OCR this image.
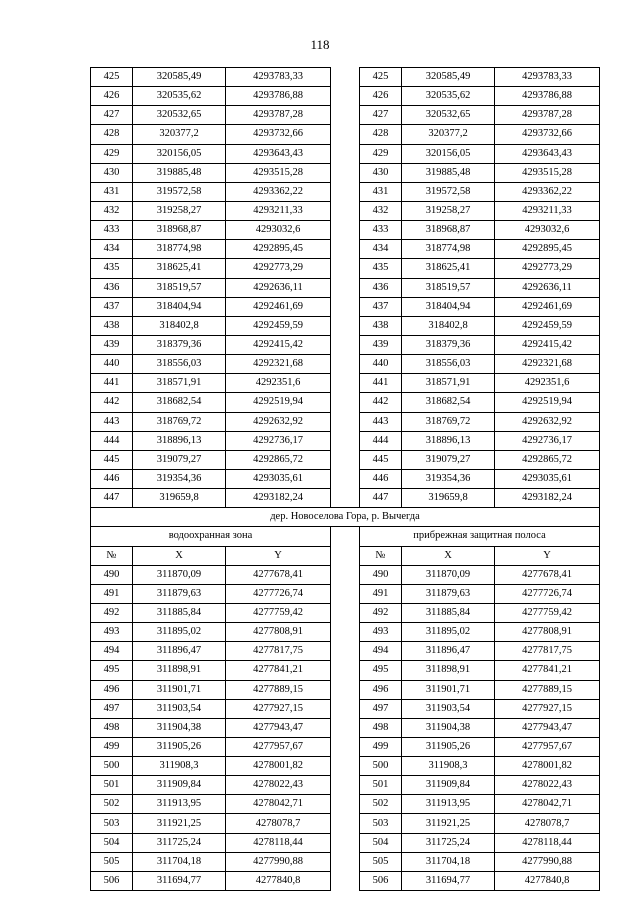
118
425	320585,49	4293783,33		425	320585,49	4293783,33
426	320535,62	4293786,88		426	320535,62	4293786,88
427	320532,65	4293787,28		427	320532,65	4293787,28
428	320377,2	4293732,66		428	320377,2	4293732,66
429	320156,05	4293643,43		429	320156,05	4293643,43
430	319885,48	4293515,28		430	319885,48	4293515,28
431	319572,58	4293362,22		431	319572,58	4293362,22
432	319258,27	4293211,33		432	319258,27	4293211,33
433	318968,87	4293032,6		433	318968,87	4293032,6
434	318774,98	4292895,45		434	318774,98	4292895,45
435	318625,41	4292773,29		435	318625,41	4292773,29
436	318519,57	4292636,11		436	318519,57	4292636,11
437	318404,94	4292461,69		437	318404,94	4292461,69
438	318402,8	4292459,59		438	318402,8	4292459,59
439	318379,36	4292415,42		439	318379,36	4292415,42
440	318556,03	4292321,68		440	318556,03	4292321,68
441	318571,91	4292351,6		441	318571,91	4292351,6
442	318682,54	4292519,94		442	318682,54	4292519,94
443	318769,72	4292632,92		443	318769,72	4292632,92
444	318896,13	4292736,17		444	318896,13	4292736,17
445	319079,27	4292865,72		445	319079,27	4292865,72
446	319354,36	4293035,61		446	319354,36	4293035,61
447	319659,8	4293182,24		447	319659,8	4293182,24
дер. Новоселова Гора, р. Вычегда						
водоохранная зона				прибрежная защитная полоса		
№	X	Y		№	X	Y
490	311870,09	4277678,41		490	311870,09	4277678,41
491	311879,63	4277726,74		491	311879,63	4277726,74
492	311885,84	4277759,42		492	311885,84	4277759,42
493	311895,02	4277808,91		493	311895,02	4277808,91
494	311896,47	4277817,75		494	311896,47	4277817,75
495	311898,91	4277841,21		495	311898,91	4277841,21
496	311901,71	4277889,15		496	311901,71	4277889,15
497	311903,54	4277927,15		497	311903,54	4277927,15
498	311904,38	4277943,47		498	311904,38	4277943,47
499	311905,26	4277957,67		499	311905,26	4277957,67
500	311908,3	4278001,82		500	311908,3	4278001,82
501	311909,84	4278022,43		501	311909,84	4278022,43
502	311913,95	4278042,71		502	311913,95	4278042,71
503	311921,25	4278078,7		503	311921,25	4278078,7
504	311725,24	4278118,44		504	311725,24	4278118,44
505	311704,18	4277990,88		505	311704,18	4277990,88
506	311694,77	4277840,8		506	311694,77	4277840,8
